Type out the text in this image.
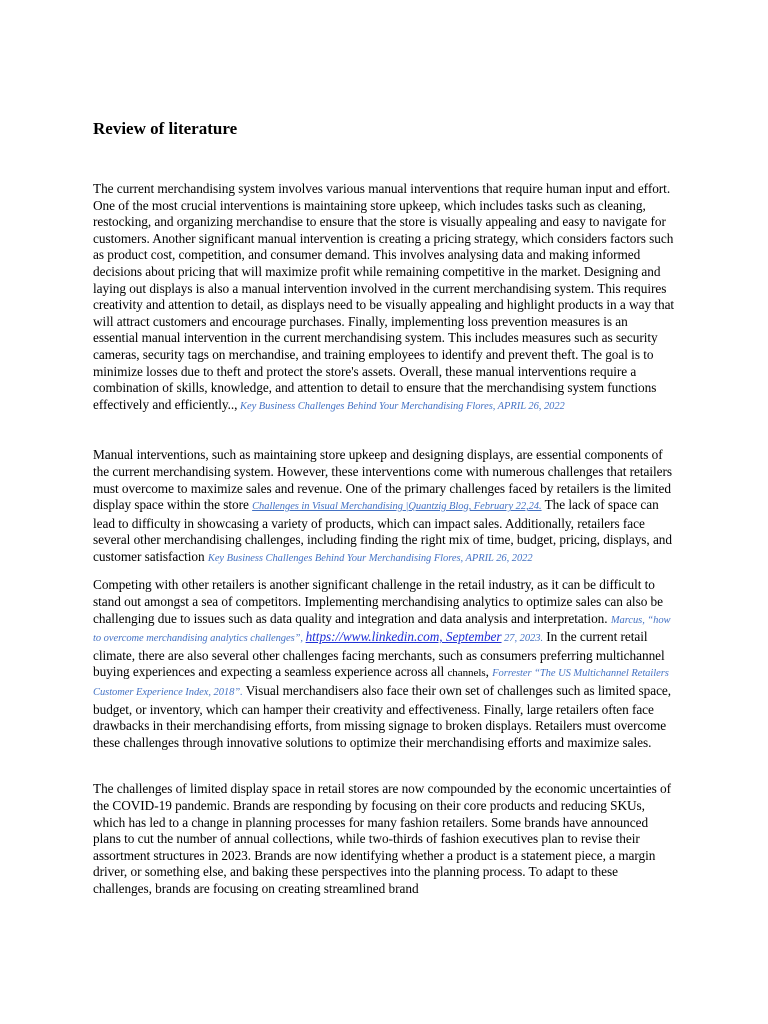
Review of literature

The current merchandising system involves various manual interventions that require human input and effort. One of the most crucial interventions is maintaining store upkeep, which includes tasks such as cleaning, restocking, and organizing merchandise to ensure that the store is visually appealing and easy to navigate for customers. Another significant manual intervention is creating a pricing strategy, which considers factors such as product cost, competition, and consumer demand. This involves analysing data and making informed decisions about pricing that will maximize profit while remaining competitive in the market. Designing and laying out displays is also a manual intervention involved in the current merchandising system. This requires creativity and attention to detail, as displays need to be visually appealing and highlight products in a way that will attract customers and encourage purchases. Finally, implementing loss prevention measures is an essential manual intervention in the current merchandising system. This includes measures such as security cameras, security tags on merchandise, and training employees to identify and prevent theft. The goal is to minimize losses due to theft and protect the store's assets. Overall, these manual interventions require a combination of skills, knowledge, and attention to detail to ensure that the merchandising system functions effectively and efficiently.., Key Business Challenges Behind Your Merchandising Flores, APRIL 26, 2022

Manual interventions, such as maintaining store upkeep and designing displays, are essential components of the current merchandising system. However, these interventions come with numerous challenges that retailers must overcome to maximize sales and revenue. One of the primary challenges faced by retailers is the limited display space within the store Challenges in Visual Merchandising |Quantzig Blog, February 22,24. The lack of space can lead to difficulty in showcasing a variety of products, which can impact sales. Additionally, retailers face several other merchandising challenges, including finding the right mix of time, budget, pricing, displays, and customer satisfaction Key Business Challenges Behind Your Merchandising Flores, APRIL 26, 2022

Competing with other retailers is another significant challenge in the retail industry, as it can be difficult to stand out amongst a sea of competitors. Implementing merchandising analytics to optimize sales can also be challenging due to issues such as data quality and integration and data analysis and interpretation. Marcus, “how to overcome merchandising analytics challenges”, https://www.linkedin.com, September 27, 2023. In the current retail climate, there are also several other challenges facing merchants, such as consumers preferring multichannel buying experiences and expecting a seamless experience across all channels, Forrester “The US Multichannel Retailers Customer Experience Index, 2018”. Visual merchandisers also face their own set of challenges such as limited space, budget, or inventory, which can hamper their creativity and effectiveness. Finally, large retailers often face drawbacks in their merchandising efforts, from missing signage to broken displays. Retailers must overcome these challenges through innovative solutions to optimize their merchandising efforts and maximize sales.

The challenges of limited display space in retail stores are now compounded by the economic uncertainties of the COVID-19 pandemic. Brands are responding by focusing on their core products and reducing SKUs, which has led to a change in planning processes for many fashion retailers. Some brands have announced plans to cut the number of annual collections, while two-thirds of fashion executives plan to revise their assortment structures in 2023. Brands are now identifying whether a product is a statement piece, a margin driver, or something else, and baking these perspectives into the planning process. To adapt to these challenges, brands are focusing on creating streamlined brand
